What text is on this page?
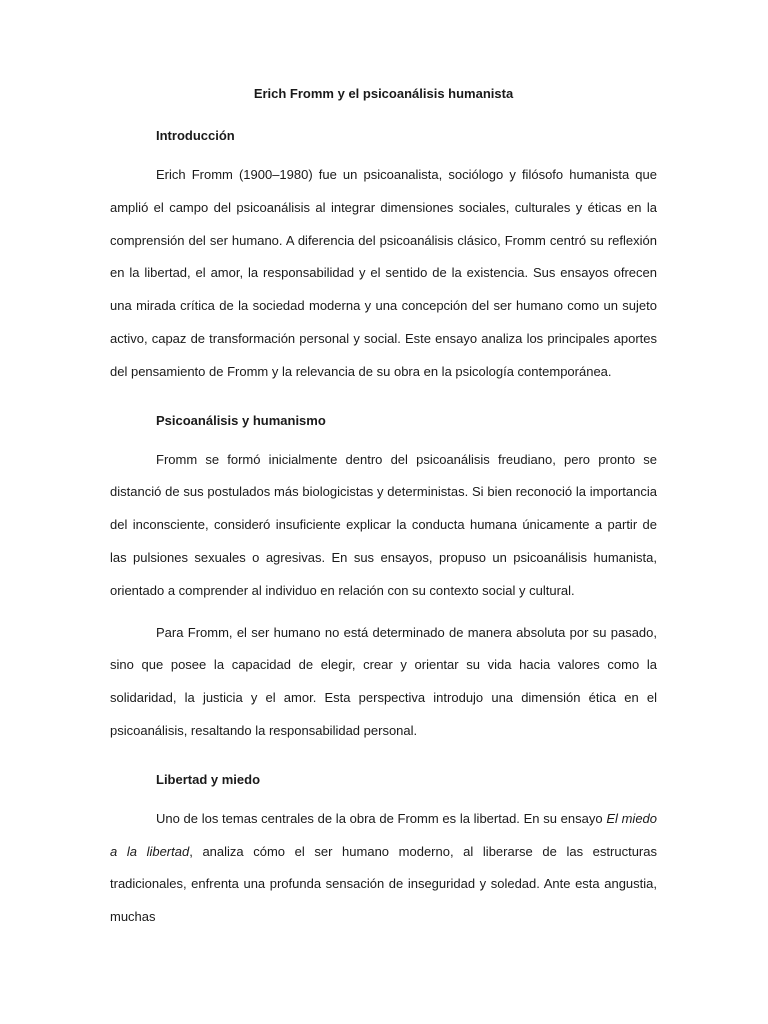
Erich Fromm y el psicoanálisis humanista

Introducción

Erich Fromm (1900–1980) fue un psicoanalista, sociólogo y filósofo humanista que amplió el campo del psicoanálisis al integrar dimensiones sociales, culturales y éticas en la comprensión del ser humano. A diferencia del psicoanálisis clásico, Fromm centró su reflexión en la libertad, el amor, la responsabilidad y el sentido de la existencia. Sus ensayos ofrecen una mirada crítica de la sociedad moderna y una concepción del ser humano como un sujeto activo, capaz de transformación personal y social. Este ensayo analiza los principales aportes del pensamiento de Fromm y la relevancia de su obra en la psicología contemporánea.

Psicoanálisis y humanismo

Fromm se formó inicialmente dentro del psicoanálisis freudiano, pero pronto se distanció de sus postulados más biologicistas y deterministas. Si bien reconoció la importancia del inconsciente, consideró insuficiente explicar la conducta humana únicamente a partir de las pulsiones sexuales o agresivas. En sus ensayos, propuso un psicoanálisis humanista, orientado a comprender al individuo en relación con su contexto social y cultural.

Para Fromm, el ser humano no está determinado de manera absoluta por su pasado, sino que posee la capacidad de elegir, crear y orientar su vida hacia valores como la solidaridad, la justicia y el amor. Esta perspectiva introdujo una dimensión ética en el psicoanálisis, resaltando la responsabilidad personal.

Libertad y miedo

Uno de los temas centrales de la obra de Fromm es la libertad. En su ensayo El miedo a la libertad, analiza cómo el ser humano moderno, al liberarse de las estructuras tradicionales, enfrenta una profunda sensación de inseguridad y soledad. Ante esta angustia, muchas
